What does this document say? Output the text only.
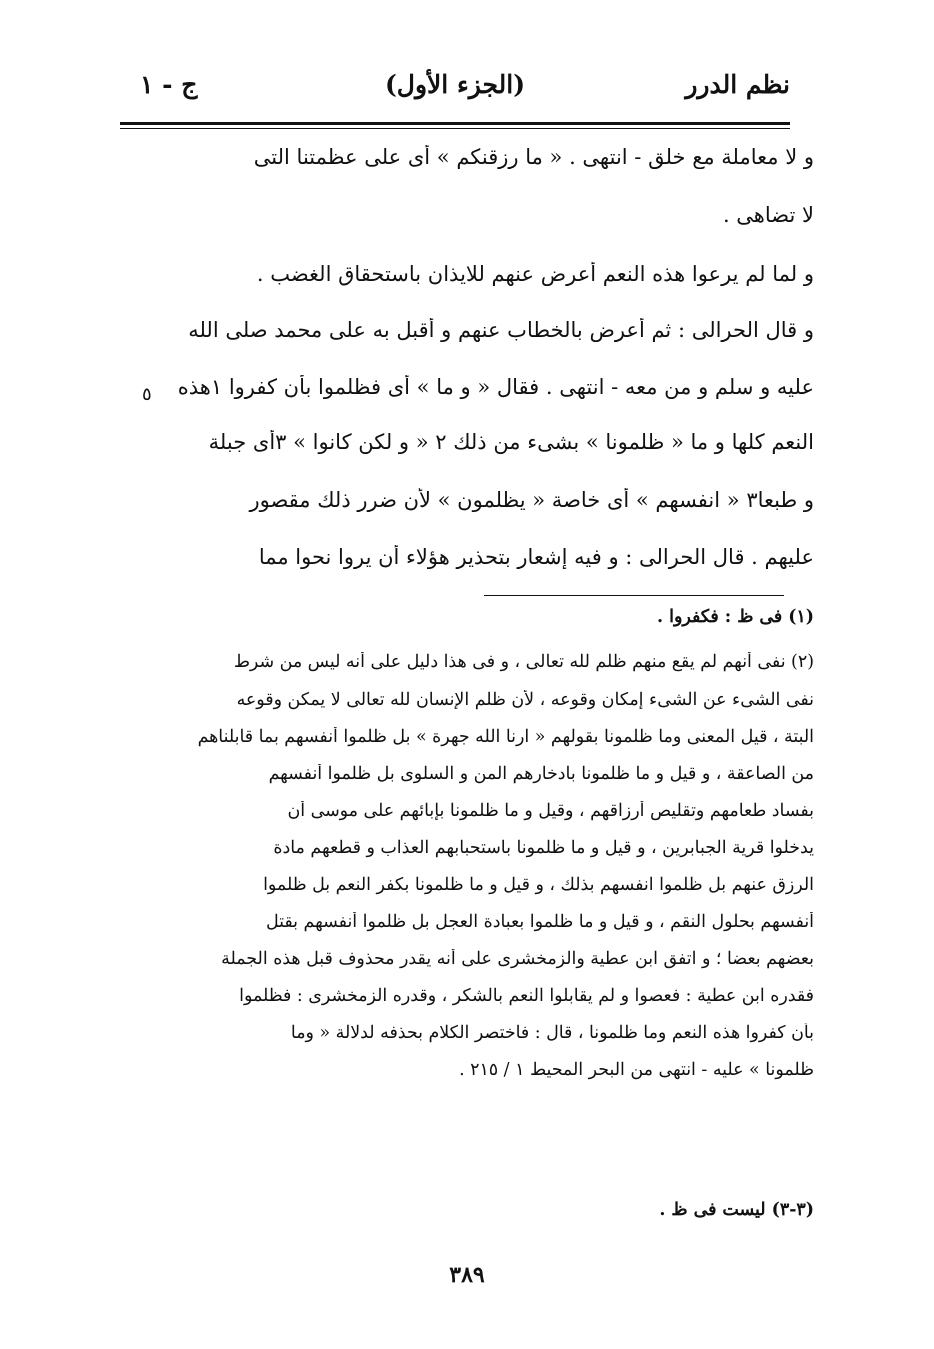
نظم الدرر
(الجزء الأول)
ج - ١
و لا معاملة مع خلق - انتهى . « ما رزقنكم » أى على عظمتنا التى
لا تضاهى .
و لما لم يرعوا هذه النعم أعرض عنهم للايذان باستحقاق الغضب .
و قال الحرالى : ثم أعرض بالخطاب عنهم و أقبل به على محمد صلى الله
عليه و سلم و من معه - انتهى . فقال « و ما » أى فظلموا بأن كفروا ١هذه
النعم كلها و ما « ظلمونا » بشىء من ذلك ٢ « و لكن كانوا » ٣أى جبلة
و طبعا٣ « انفسهم » أى خاصة « يظلمون » لأن ضرر ذلك مقصور
عليهم . قال الحرالى : و فيه إشعار بتحذير هؤلاء أن يروا نحوا مما
٥
(١) فى ظ : فكفروا .
(٢) نفى أنهم لم يقع منهم ظلم لله تعالى ، و فى هذا دليل على أنه ليس من شرط
نفى الشىء عن الشىء إمكان وقوعه ، لأن ظلم الإنسان لله تعالى لا يمكن وقوعه
البتة ، قيل المعنى وما ظلمونا بقولهم « ارنا الله جهرة » بل ظلموا أنفسهم بما قابلناهم
من الصاعقة ، و قيل و ما ظلمونا بادخارهم المن و السلوى بل ظلموا أنفسهم
بفساد طعامهم وتقليص أرزاقهم ، وقيل و ما ظلمونا بإبائهم على موسى أن
يدخلوا قرية الجبابرين ، و قيل و ما ظلمونا باستحبابهم العذاب و قطعهم مادة
الرزق عنهم بل ظلموا انفسهم بذلك ، و قيل و ما ظلمونا بكفر النعم بل ظلموا
أنفسهم بحلول النقم ، و قيل و ما ظلموا بعبادة العجل بل ظلموا أنفسهم بقتل
بعضهم بعضا ؛ و اتفق ابن عطية والزمخشرى على أنه يقدر محذوف قبل هذه الجملة
فقدره ابن عطية : فعصوا و لم يقابلوا النعم بالشكر ، وقدره الزمخشرى : فظلموا
بأن كفروا هذه النعم وما ظلمونا ، قال : فاختصر الكلام بحذفه لدلالة « وما
ظلمونا » عليه - انتهى من البحر المحيط ١ / ٢١٥ .
(٣-٣) ليست فى ظ .
٣٨٩
